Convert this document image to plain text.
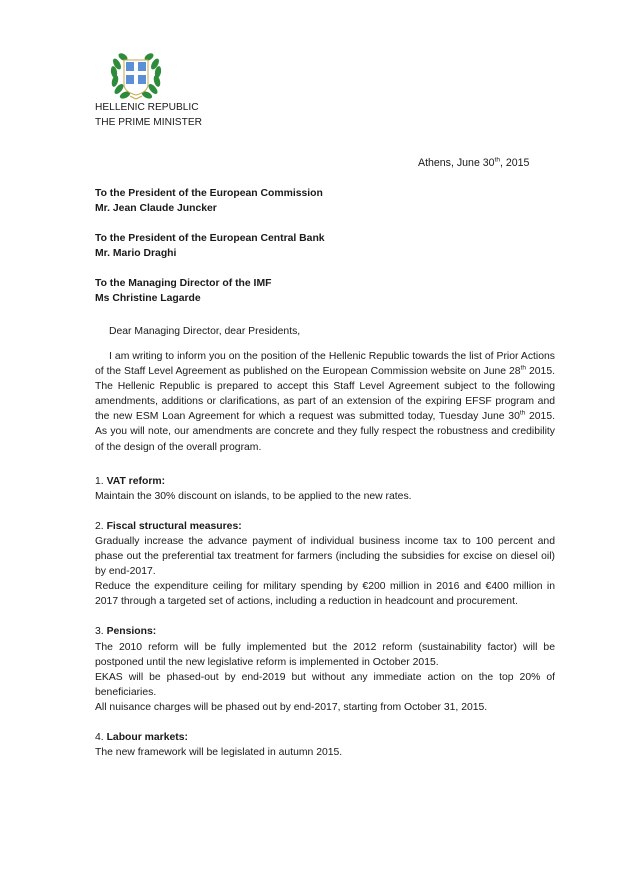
HELLENIC REPUBLIC
THE PRIME MINISTER
Athens, June 30th, 2015
To the President of the European Commission
Mr. Jean Claude Juncker
To the President of the European Central Bank
Mr. Mario Draghi
To the Managing Director of the IMF
Ms Christine Lagarde
Dear Managing Director, dear Presidents,

I am writing to inform you on the position of the Hellenic Republic towards the list of Prior Actions of the Staff Level Agreement as published on the European Commission website on June 28th 2015. The Hellenic Republic is prepared to accept this Staff Level Agreement subject to the following amendments, additions or clarifications, as part of an extension of the expiring EFSF program and the new ESM Loan Agreement for which a request was submitted today, Tuesday June 30th 2015. As you will note, our amendments are concrete and they fully respect the robustness and credibility of the design of the overall program.

1. VAT reform:

Maintain the 30% discount on islands, to be applied to the new rates.

2. Fiscal structural measures:

Gradually increase the advance payment of individual business income tax to 100 percent and phase out the preferential tax treatment for farmers (including the subsidies for excise on diesel oil) by end-2017.

Reduce the expenditure ceiling for military spending by €200 million in 2016 and €400 million in 2017 through a targeted set of actions, including a reduction in headcount and procurement.

3. Pensions:

The 2010 reform will be fully implemented but the 2012 reform (sustainability factor) will be postponed until the new legislative reform is implemented in October 2015.

EKAS will be phased-out by end-2019 but without any immediate action on the top 20% of beneficiaries.

All nuisance charges will be phased out by end-2017, starting from October 31, 2015.

4. Labour markets:

The new framework will be legislated in autumn 2015.
